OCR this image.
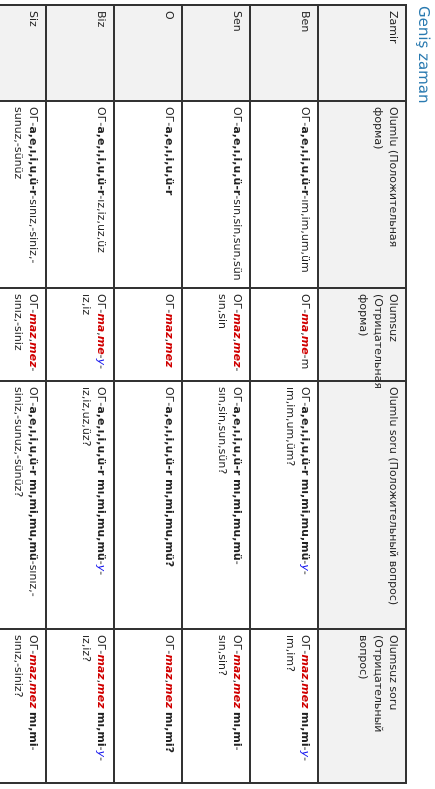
Geniş zaman
Zamir	Olumlu (Положительная форма)	Olumsuz (Отрицательная форма)	Olumlu soru (Положительный вопрос)	Olumsuz soru (Отрицательный вопрос)
Ben	OГ-a,e,ı,i,u,ü-r-ım,im,um,üm	OГ-ma,me-m	OГ-a,e,ı,i,u,ü-r mı,mi,mu,mü-y-ım,im,um,üm?	OГ-maz,mez mı,mi-y-ım,im?
Sen	OГ-a,e,ı,i,u,ü-r-sın,sin,sun,sün	OГ-maz,mez-sın,sin	OГ-a,e,ı,i,u,ü-r mı,mi,mu,mü-sın,sin,sun,sün?	OГ-maz,mez mı,mi-sın,sin?
O	OГ-a,e,ı,i,u,ü-r	OГ-maz,mez	OГ-a,e,ı,i,u,ü-r mı,mi,mu,mü?	OГ-maz,mez mı,mi?
Biz	OГ-a,e,ı,i,u,ü-r-ız,iz,uz,üz	OГ-ma,me-y-ız,iz	OГ-a,e,ı,i,u,ü-r mı,mi,mu,mü-y-ız,iz,uz,üz?	OГ-maz,mez mı,mi-y-ız,iz?
Siz	OГ-a,e,ı,i,u,ü-r-sınız,-siniz,-sunuz,-sünüz	OГ-maz,mez-sınız,-siniz	OГ-a,e,ı,i,u,ü-r mı,mi,mu,mü-sınız,-siniz,-sunuz,-sünüz?	OГ-maz,mez mı,mi-sınız,-siniz?
